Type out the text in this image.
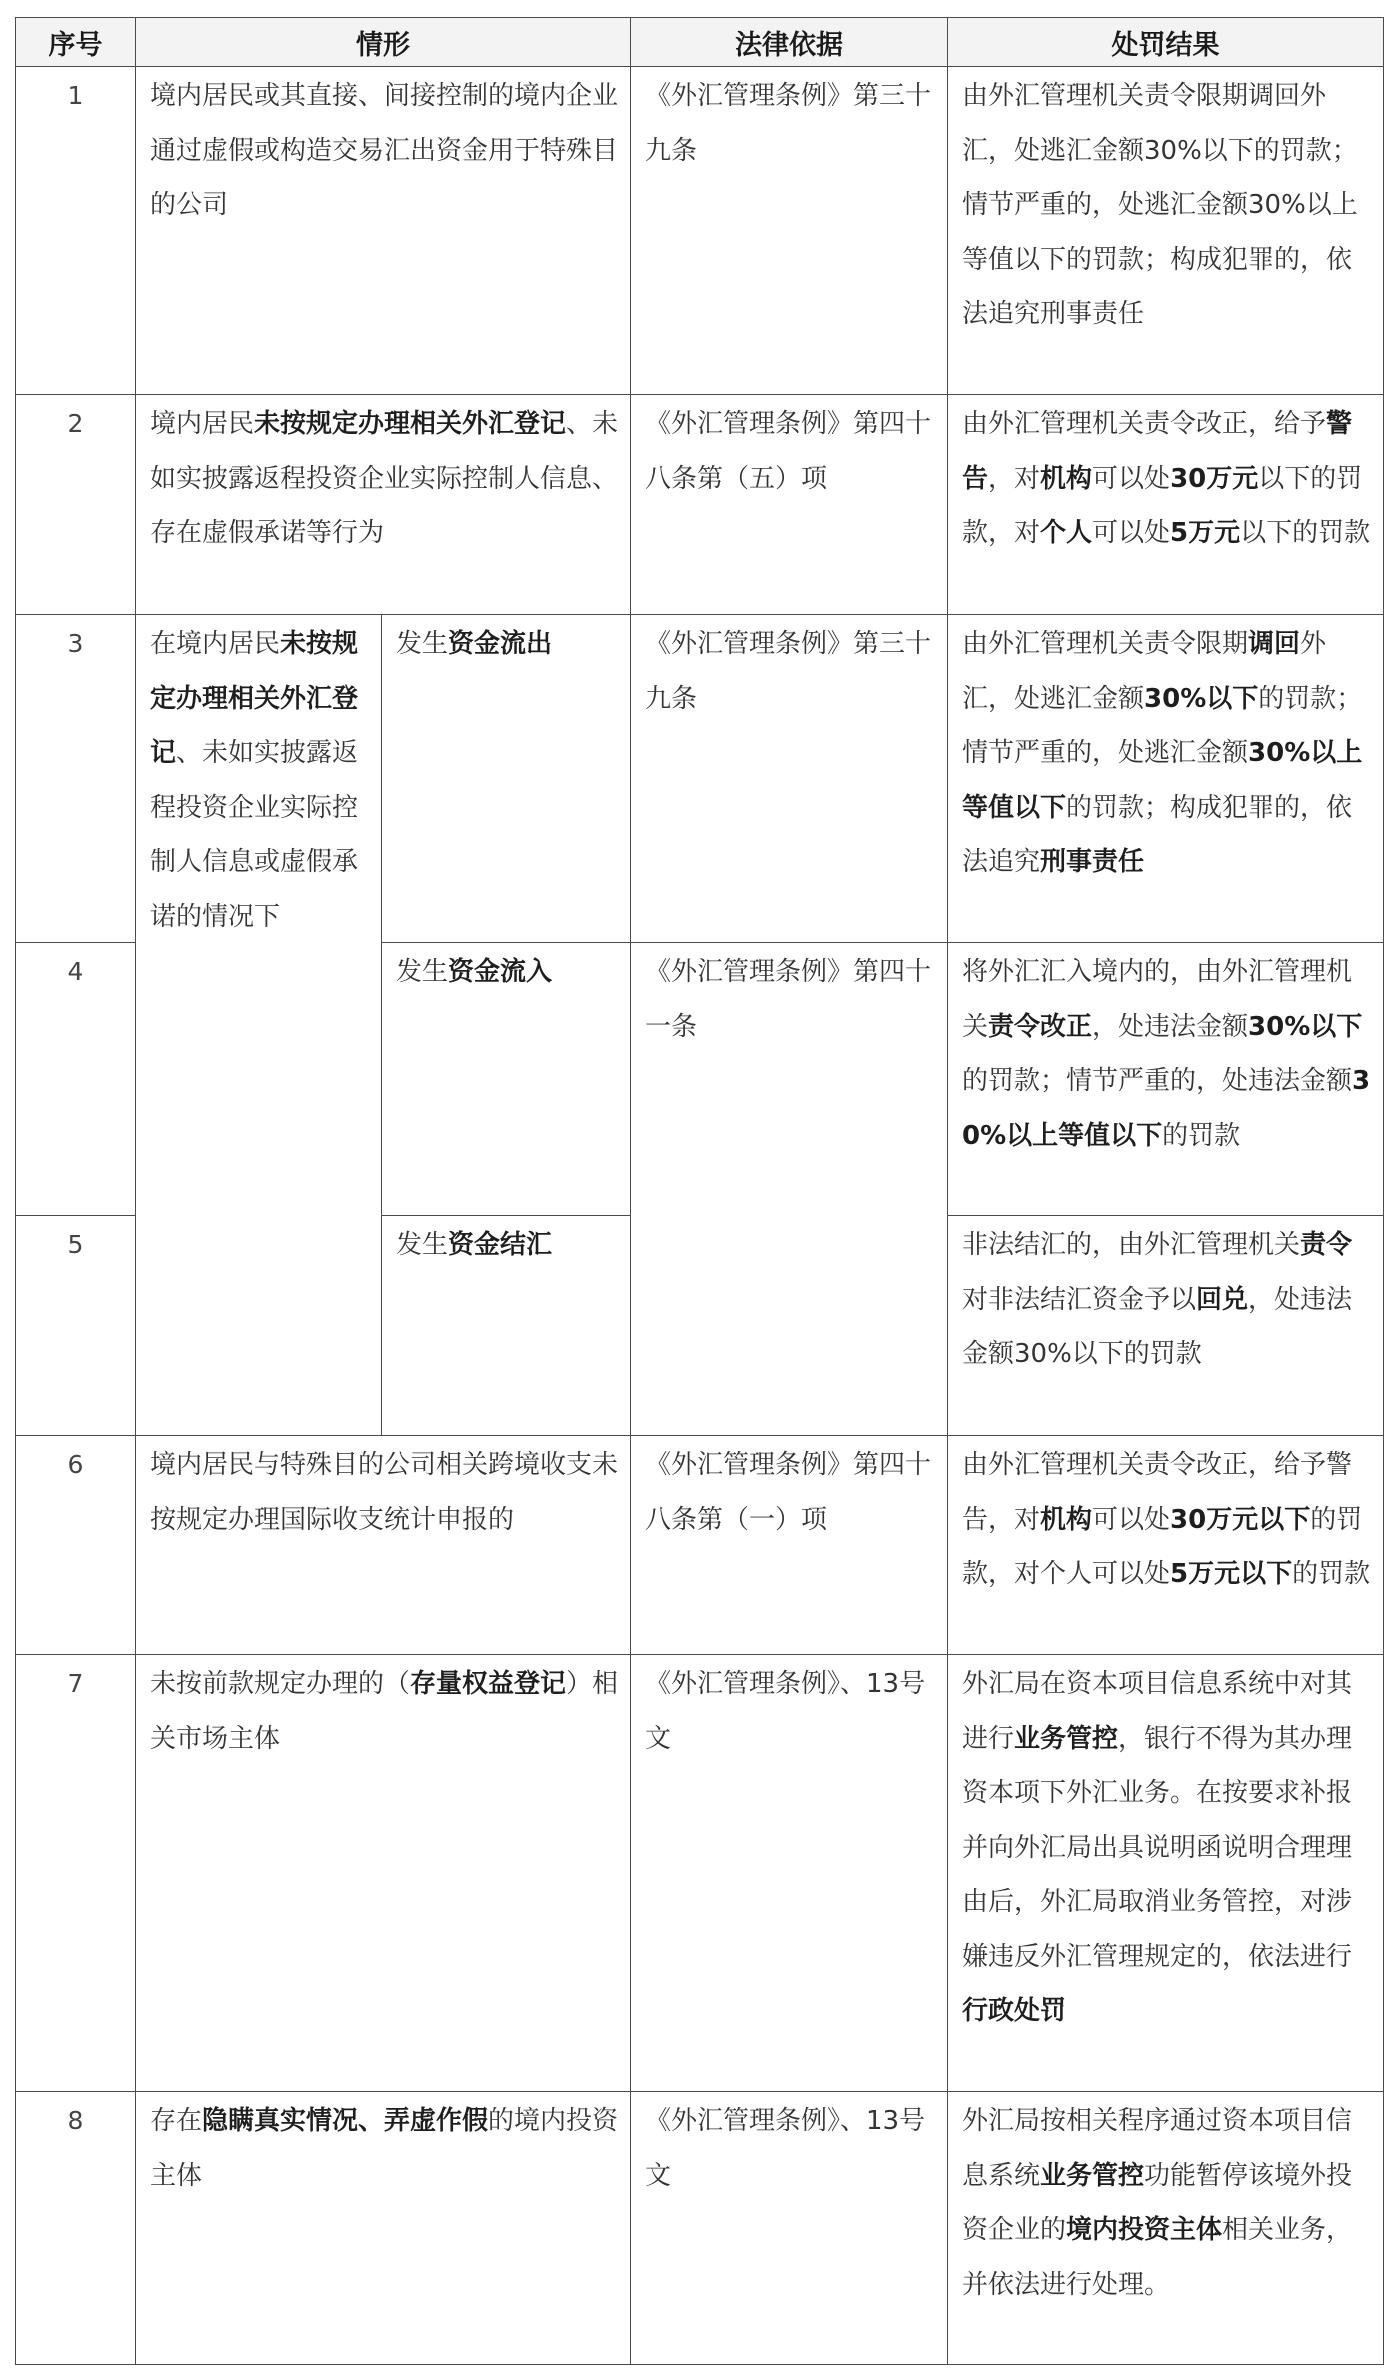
序号	情形		法律依据	处罚结果

1	境内居民或其直接、间接控制的境内企业通过虚假或构造交易汇出资金用于特殊目的公司		《外汇管理条例》第三十九条	由外汇管理机关责令限期调回外汇，处逃汇金额30%以下的罚款；情节严重的，处逃汇金额30%以上等值以下的罚款；构成犯罪的，依法追究刑事责任

2	境内居民未按规定办理相关外汇登记、未如实披露返程投资企业实际控制人信息、存在虚假承诺等行为		《外汇管理条例》第四十八条第（五）项	由外汇管理机关责令改正，给予警告，对机构可以处30万元以下的罚款，对个人可以处5万元以下的罚款

3	在境内居民未按规定办理相关外汇登记、未如实披露返程投资企业实际控制人信息或虚假承诺的情况下	发生资金流出	《外汇管理条例》第三十九条	由外汇管理机关责令限期调回外汇，处逃汇金额30%以下的罚款；情节严重的，处逃汇金额30%以上等值以下的罚款；构成犯罪的，依法追究刑事责任

4		发生资金流入	《外汇管理条例》第四十一条	将外汇汇入境内的，由外汇管理机关责令改正，处违法金额30%以下的罚款；情节严重的，处违法金额30%以上等值以下的罚款

5		发生资金结汇		非法结汇的，由外汇管理机关责令对非法结汇资金予以回兑，处违法金额30%以下的罚款

6	境内居民与特殊目的公司相关跨境收支未按规定办理国际收支统计申报的		《外汇管理条例》第四十八条第（一）项	由外汇管理机关责令改正，给予警告，对机构可以处30万元以下的罚款，对个人可以处5万元以下的罚款

7	未按前款规定办理的（存量权益登记）相关市场主体		《外汇管理条例》、13号文	外汇局在资本项目信息系统中对其进行业务管控，银行不得为其办理资本项下外汇业务。在按要求补报并向外汇局出具说明函说明合理理由后，外汇局取消业务管控，对涉嫌违反外汇管理规定的，依法进行行政处罚

8	存在隐瞒真实情况、弄虚作假的境内投资主体		《外汇管理条例》、13号文	外汇局按相关程序通过资本项目信息系统业务管控功能暂停该境外投资企业的境内投资主体相关业务，并依法进行处理。
